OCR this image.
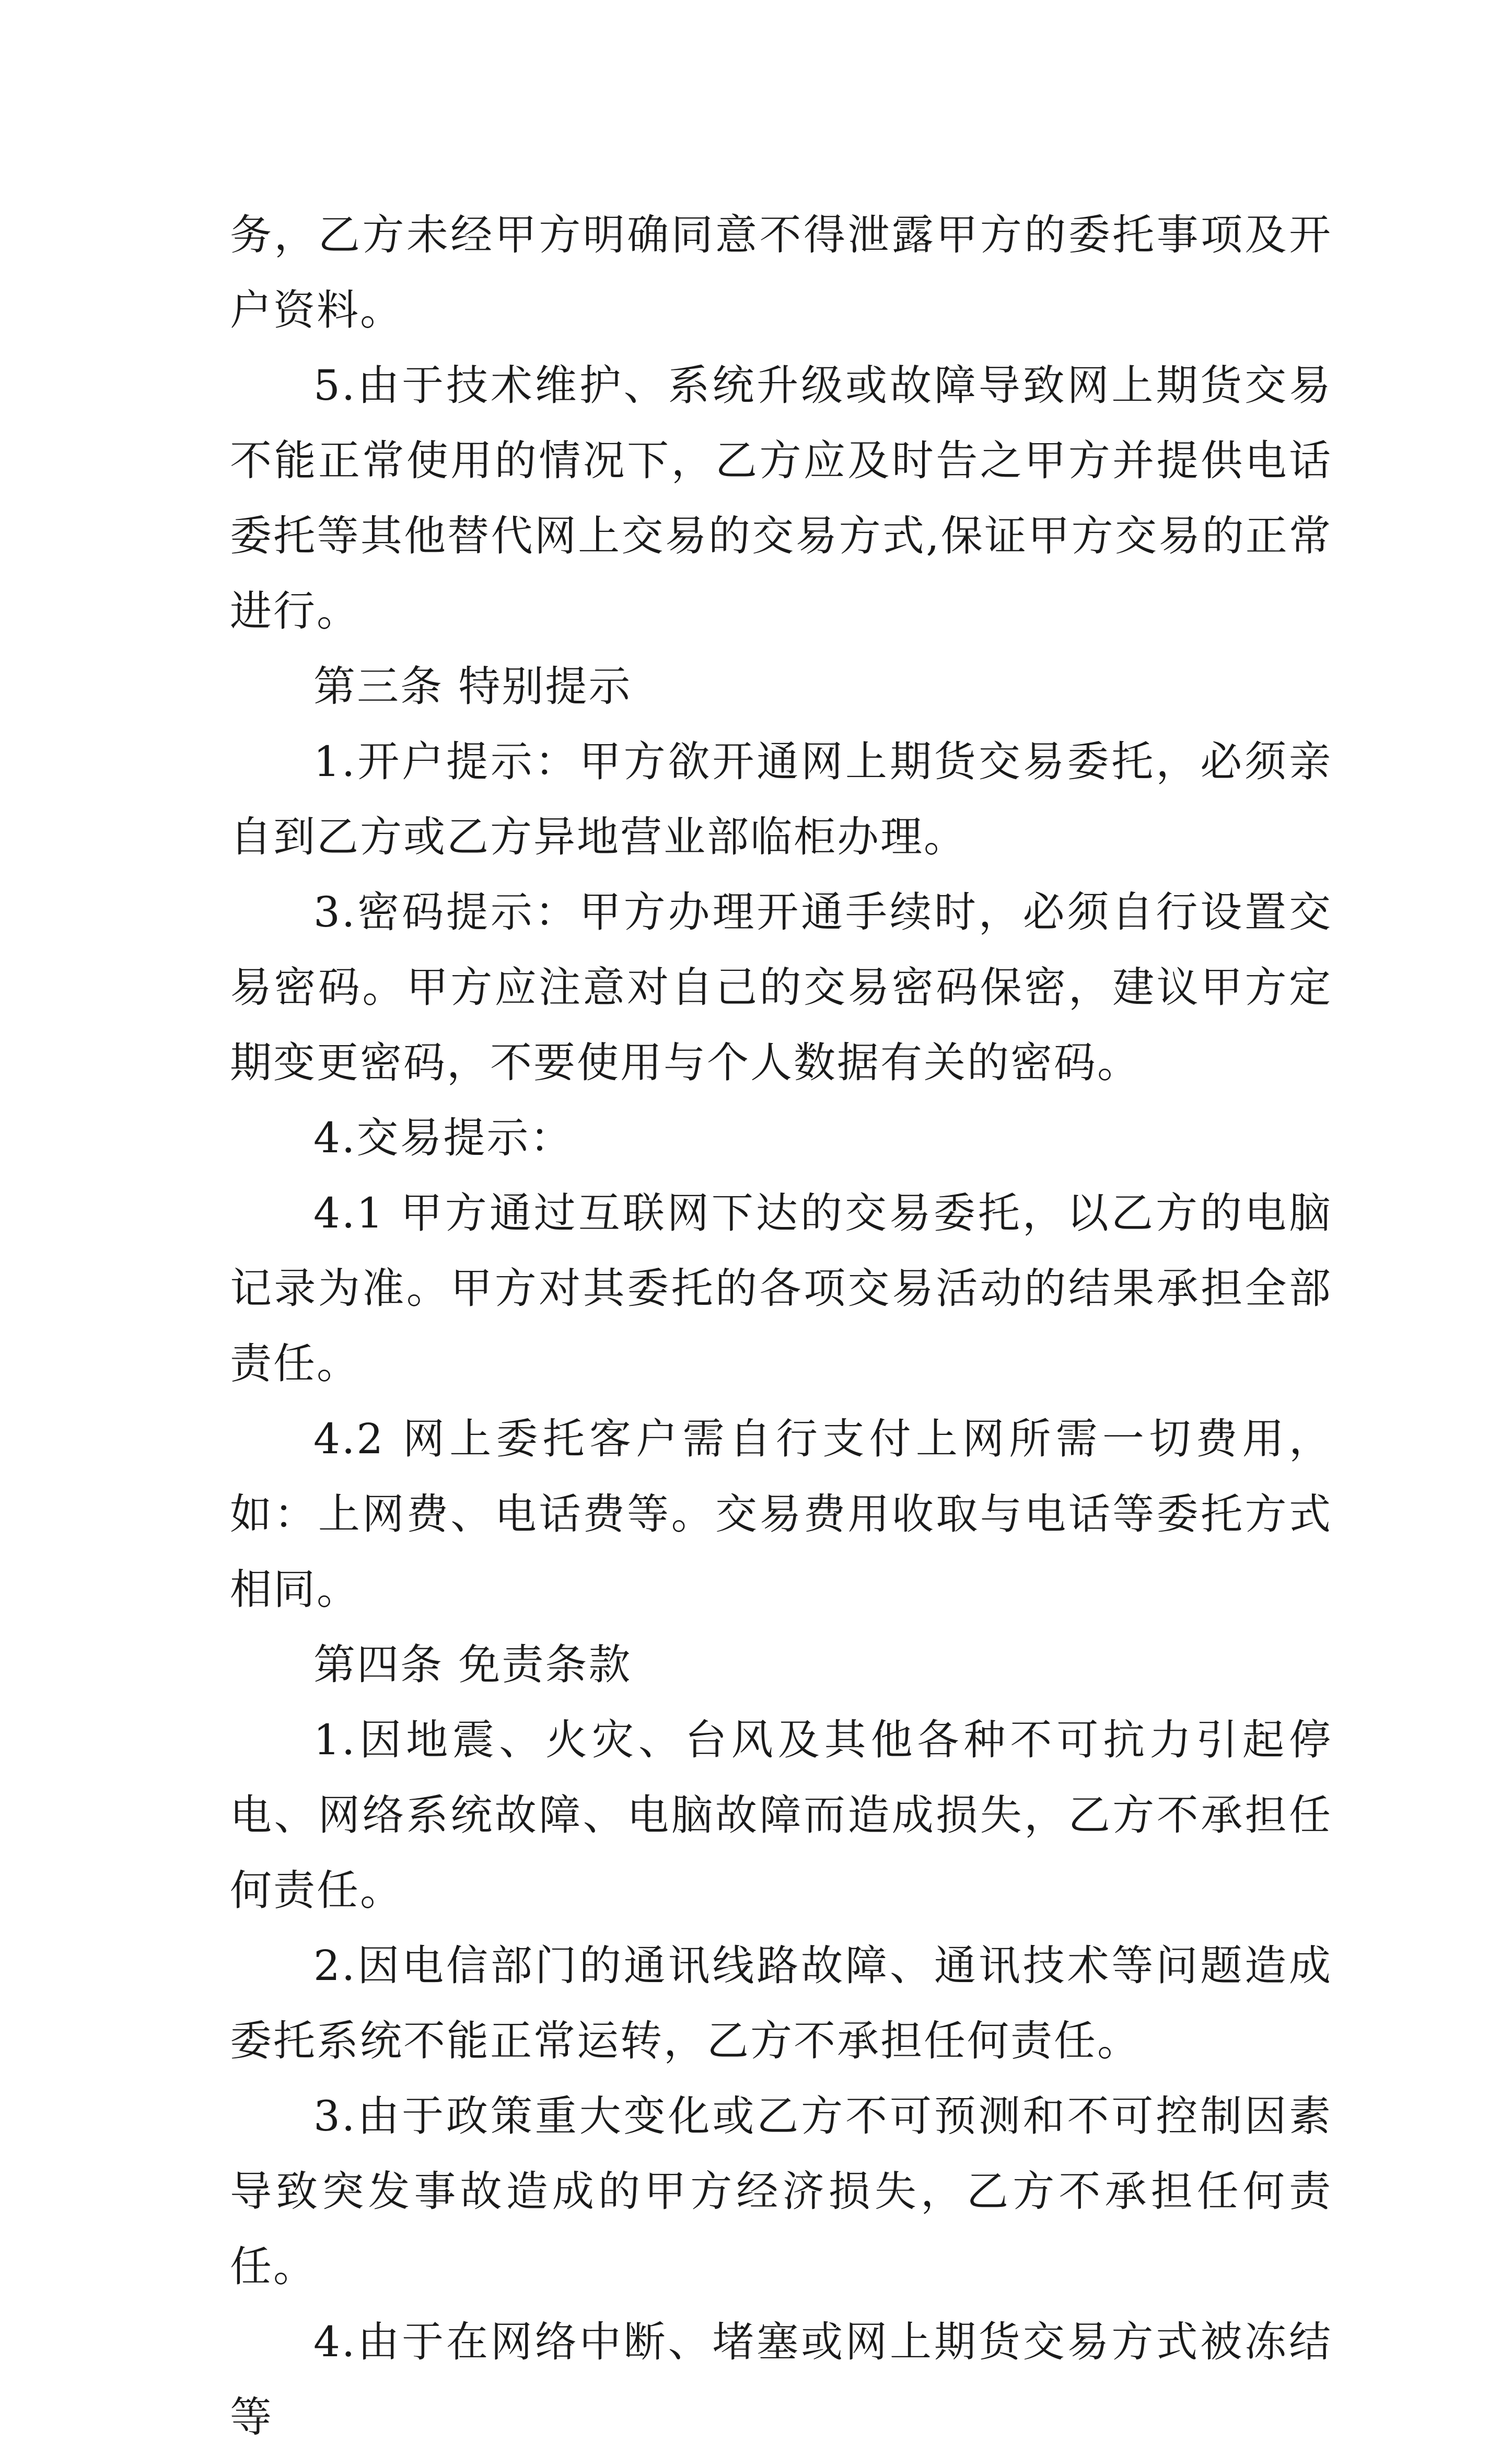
务，乙方未经甲方明确同意不得泄露甲方的委托事项及开户资料。

5.由于技术维护、系统升级或故障导致网上期货交易不能正常使用的情况下，乙方应及时告之甲方并提供电话委托等其他替代网上交易的交易方式,保证甲方交易的正常进行。

第三条 特别提示

1.开户提示：甲方欲开通网上期货交易委托，必须亲自到乙方或乙方异地营业部临柜办理。

3.密码提示：甲方办理开通手续时，必须自行设置交易密码。甲方应注意对自己的交易密码保密，建议甲方定期变更密码，不要使用与个人数据有关的密码。

4.交易提示：

4.1 甲方通过互联网下达的交易委托，以乙方的电脑记录为准。甲方对其委托的各项交易活动的结果承担全部责任。

4.2 网上委托客户需自行支付上网所需一切费用，如：上网费、电话费等。交易费用收取与电话等委托方式相同。

第四条 免责条款

1.因地震、火灾、台风及其他各种不可抗力引起停电、网络系统故障、电脑故障而造成损失，乙方不承担任何责任。

2.因电信部门的通讯线路故障、通讯技术等问题造成委托系统不能正常运转，乙方不承担任何责任。

3.由于政策重大变化或乙方不可预测和不可控制因素导致突发事故造成的甲方经济损失，乙方不承担任何责任。

4.由于在网络中断、堵塞或网上期货交易方式被冻结等
